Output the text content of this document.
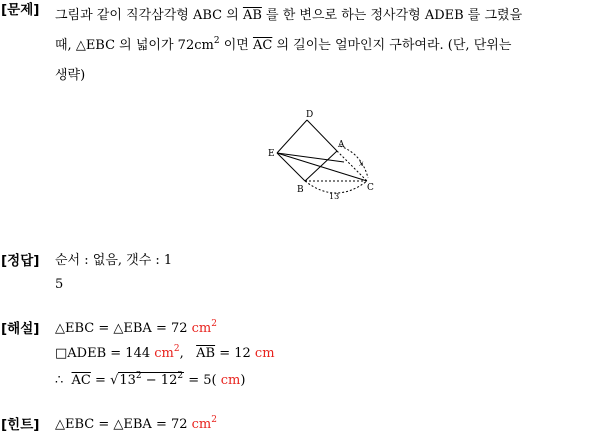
[문제] 그림과 같이 직각삼각형 ABC 의 $\overline{AB}$ 를 한 변으로 하는 정사각형 ADEB 를 그렸을
때, △EBC 의 넓이가 $72cm^2$ 이면 $\overline{AC}$ 의 길이는 얼마인지 구하여라. (단, 단위는
생략)
D
E
A
B	C
x
13
[정답] 순서 : 없음, 갯수 : 1
5
[해설] △EBC = △EBA = 72 $cm^2$
□ADEB = 144 $cm^2$,   $\overline{AB} = 12$ cm
∴  $\overline{AC} = √13^2 - 12^2 = 5$( cm)
[힌트] △EBC = △EBA = 72 $cm^2$
